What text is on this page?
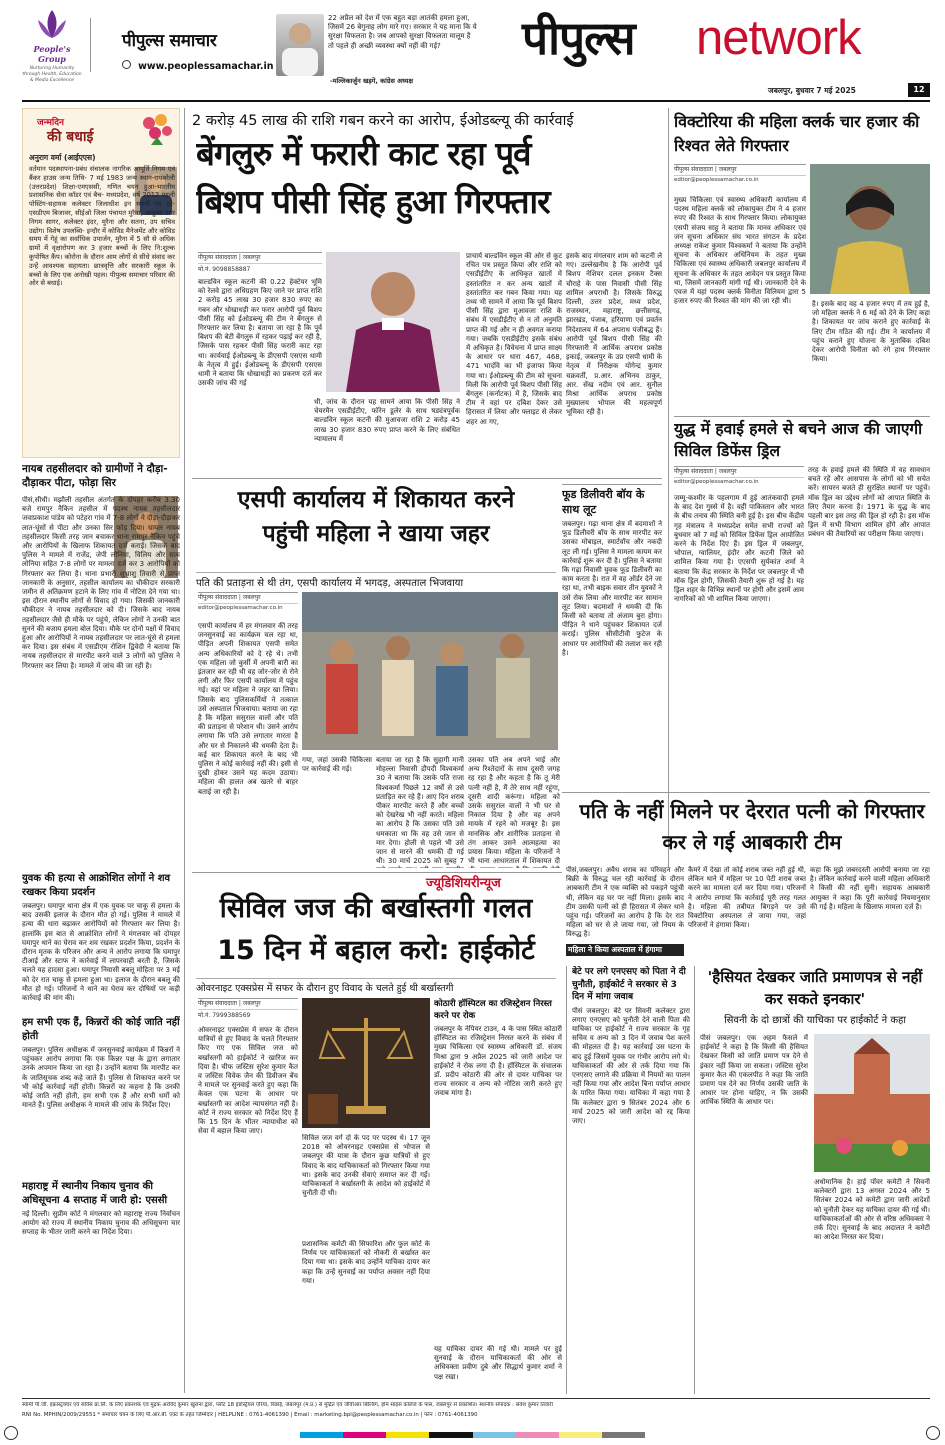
People's Group
Nurturing Humanity through Health, Education & Media Excellence
पीपुल्स समाचार
www.peoplessamachar.in
22 अप्रैल को देश में एक बहुत बड़ा आतंकी हमला हुआ, जिसमें 26 बेगुनाह लोग मारे गए। सरकार ने यह माना कि ये सुरक्षा विफलता है। जब आपको सुरक्षा विफलता मालूम है तो पहले ही अच्छी व्यवस्था क्यों नहीं की गई?
-मल्लिकार्जुन खड़गे, कांग्रेस अध्यक्ष
पीपुल्स network
जबलपुर, बुधवार 7 मई 2025	12
जन्मदिन
की बधाई
अनुराग वर्मा (आईएएस)
वर्तमान पदस्थापना-प्रबंध संचालक नागरिक आपूर्ति निगम एवं बैंकर हाउस जन्म तिथि- 7 मई 1983 जन्म स्थान-रायबरेली (उत्तरप्रदेश) शिक्षा-एमएससी, गणित चयन हुआ-भारतीय प्रशासनिक सेवा कॉडर एवं बैच- मध्यप्रदेश, वर्ष 2012 पहली पोस्टिंग-सहायक कलेक्टर जिलाधीश इन स्थानों पर रहे-एसडीएम बिजावर, सीईओ जिला पंचायत मुरैना, आयुक्त नगर निगम सागर, कलेक्टर इंदर, मुरैना और सतना, उप सचिव उद्योग। विशेष उपलब्धि- इन्दौर में कोविड मैनेजमेंट और कोविड समय में गेहूं का सर्वाधिक उपार्जन, मुरैना में 5 सौ से अधिक ग्रामों में वृक्षारोपण कर 3 हजार बच्चों के लिए नि:शुल्क कुपोषित कैंप। कोरोना के दौरान आम लोगों से सीधे संवाद कर उन्हें आवश्यक सहायता। छात्रवृत्ति और सरकारी स्कूल के बच्चों के लिए एक अनोखी पहल। पीपुल्स समाचार परिवार की ओर से बधाई।
नायब तहसीलदार को ग्रामीणों ने दौड़ा-दौड़ाकर पीटा, फोड़ा सिर
पीसं,सीधी। मझौली तहसील अंतर्गत के दोपहर करीब 3.30 बजे रामपुर नैकिन तहसील में पदस्थ नायब तहसीलदार जवाप्रकाश पांडेय को पटेहरा गांव में 7-8 लोगों ने दौड़ा-दौड़ाकर लात-घूंसों से पीटा और उनका सिर फोड़ दिया। घायल नायब तहसीलदार किसी तरह जान बचाकर थाना रामपुर नैकिन पहुंचे और आरोपियों के खिलाफ शिकायत दर्ज कराई। जिसके बाद पुलिस ने मामले में राजेंद्र, जेपी लोनिया, विलिय और सत्य लोनिया सहित 7-8 लोगों पर मामला दर्ज कर 3 आरोपियों को गिरफ्तार कर लिया है। थाना प्रभारी शुभ्राशु तिवारी से प्राप्त जानकारी के अनुसार, तहसील कार्यालय का चौकीदार सरकारी जमीन से अतिक्रमण हटाने के लिए गांव में नोटिस देने गया था। इस दौरान स्थानीय लोगों से विवाद हो गया। जिसकी जानकारी चौकीदार ने नायब तहसीलदार को दी। जिसके बाद नायब तहसीलदार जैसे ही मौके पर पहुंचे, लेकिन लोगों ने उनकी बात सुनने की बजाय हमला बोल दिया। मौके पर दोनों पक्षों में विवाद हुआ और आरोपियों ने नायब तहसीलदार पर लात-घूंसे से हमला कर दिया। इस संबंध में एसडीएम रोशिन द्विवेदी ने बताया कि नायब तहसीलदार से मारपीट करने वाले 3 लोगों को पुलिस ने गिरफ्तार कर लिया है। मामले में जांच की जा रही है।
युवक की हत्या से आक्रोशित लोगों ने शव रखकर किया प्रदर्शन
जबलपुर। घमापुर थाना क्षेत्र में एक युवक पर चाकू से हमला के बाद उसकी इलाज के दौरान मौत हो गई। पुलिस ने मामले में हत्या की धारा बढ़ाकर आरोपियों को गिरफ्तार कर लिया है। हालांकि इस बात से आक्रोशित लोगों ने मंगलवार को दोपहर घमापुर थाने का घेराव कर शव रखकर प्रदर्शन किया, प्रदर्शन के दौरान मृतक के परिजन और अन्य ने आरोप लगाया कि घमापुर टीआई और स्टाफ ने कार्रवाई में लापरवाही बरती है, जिसके चलते यह हादसा हुआ। घमापुर निवासी बबलू मोहिता पर 3 मई को देर रात चाकू से हमला हुआ था। इलाज के दौरान बबलू की मौत हो गई। परिजनों ने थाने का घेराव कर दोषियों पर कड़ी कार्रवाई की मांग की।
हम सभी एक हैं, किन्नरों की कोई जाति नहीं होती
जबलपुर। पुलिस अधीक्षक में जनसुनवाई कार्यक्रम में किन्नरों ने पहुंचकर आरोप लगाया कि एक किन्नर पक्ष के द्वारा लगातार उनके अपमान किया जा रहा है। उन्होंने बताया कि मारपीट कर के जातिसूचक शब्द कहे जाते हैं। पुलिस से शिकायत करने पर भी कोई कार्रवाई नहीं होती। किन्नरों का कहना है कि उनकी कोई जाति नहीं होती, हम सभी एक हैं और सभी धर्मों को मानते हैं। पुलिस अधीक्षक ने मामले की जांच के निर्देश दिए।
महाराष्ट्र में स्थानीय निकाय चुनाव की अधिसूचना 4 सप्ताह में जारी हो: एससी
नई दिल्ली। सुप्रीम कोर्ट ने मंगलवार को महाराष्ट्र राज्य निर्वाचन आयोग को राज्य में स्थानीय निकाय चुनाव की अधिसूचना चार सप्ताह के भीतर जारी करने का निर्देश दिया।
2 करोड़ 45 लाख की राशि गबन करने का आरोप, ईओडब्ल्यू की कार्रवाई
बेंगलुरु में फरारी काट रहा पूर्व
बिशप पीसी सिंह हुआ गिरफ्तार
पीपुल्स संवाददाता | जबलपुर
मो.नं. 9098858887
बाल्डविन स्कूल कटनी की 0.22 हेक्टेयर भूमि को रेलवे द्वारा अधिग्रहण किए जाने पर प्राप्त राशि 2 करोड़ 45 लाख 30 हजार 830 रुपए का गबन और धोखाधड़ी कर फरार आरोपी पूर्व बिशप पीसी सिंह को ईओडब्ल्यू की टीम ने बेंगलुरु से गिरफ्तार कर लिया है। बताया जा रहा है कि पूर्व बिशप की बेटी बेंगलुरु में रहकर पढ़ाई कर रही है, जिसके पास रहकर पीसी सिंह फरारी काट रहा था। कार्यवाई ईओडब्ल्यू के डीएसपी एसएस धामी के नेतृत्व में हुई। ईओडब्ल्यू के डीएसपी एसएस धामी ने बताया कि धोखाधड़ी का प्रकरण दर्ज कर उसकी जांच की गई
थी, जांच के दौरान यह सामने आया कि पीसी सिंह ने चेयरमैन एसडीईटीए, फॉरेन डूलेर के साथ षड्यंत्रपूर्वक बाल्डविन स्कूल कटनी की मुआवजा राशि 2 करोड़ 45 लाख 30 हजार 830 रुपए प्राप्त करने के लिए संबंधित न्यायालय में
प्राचार्य बाल्डविन स्कूल की ओर से कूट रचित पत्र प्रस्तुत किया और राशि को एसडीईटीए के आधिकृत खातों में हस्तांतरित न कर अन्य खातों में हस्तांतरित कर गबन किया गया। यह तथ्य भी सामने में आया कि पूर्व बिशप पीसी सिंह द्वारा मुआवजा राशि के संबंध में एसडीईटीए से न तो अनुमति प्राप्त की गई और न ही अवगत कराया गया। जबकि एसडीईटीए इसके संबंध में अधिकृत है। विवेचना में प्राप्त साक्ष्य के आधार पर धारा 467, 468, 471 भादंवि का भी इजाफा किया गया था। ईओडब्ल्यू की टीम को सूचना मिली कि आरोपी पूर्व बिशप पीसी सिंह बेंगलुरु (कर्नाटक) में है, जिसके बाद टीम ने वहां पर दबिश देकर उसे हिरासत में लिया और फ्लाइट से लेकर शहर आ गए,
इसके बाद मंगलवार शाम को कटनी ले गए। उल्लेखनीय है कि आरोपी पूर्व बिशप नेशियर दलल इनकम टैक्स चौराहे के पास निवासी पीसी सिंह शामिल अपराधी है। जिसके विरुद्ध दिल्ली, उत्तर प्रदेश, मध्य प्रदेश, राजस्थान, महाराष्ट्र, छत्तीसगढ़, झारखंड, पंजाब, हरियाणा एवं प्रवर्तन निदेशालय में 64 अपराध पंजीबद्ध हैं। आरोपी पूर्व बिशप पीसी सिंह की गिरफ्तारी में आर्थिक अपराध प्रकोष्ठ इकाई, जबलपुर के उप्र एसपी धामी के नेतृत्व में निरीक्षक योगेन्द्र कुमार चक्रवर्ती, प्र.आर. अभिनव ठाकुर, आर. सेंख नदीम एवं आर. सुनील मिश्रा आर्थिक अपराध प्रकोष्ठ मुख्यालय भोपाल की महत्वपूर्ण भूमिका रही है।
एसपी कार्यालय में शिकायत करने
पहुंची महिला ने खाया जहर
पति की प्रताड़ना से थी तंग, एसपी कार्यालय में भगदड़, अस्पताल भिजवाया
पीपुल्स संवाददाता | जबलपुर
editor@peoplessamachar.co.in
एसपी कार्यालय में हर मंगलवार की तरह जनसुनवाई का कार्यक्रम चल रहा था, पीड़ित अपनी शिकायत एसपी समेत अन्य अधिकारियों को दे रहे थे। तभी एक महिला जो कुर्सी में अपनी बारी का इंतजार कर रही थी वह जोर-जोर से रोने लगी और फिर एसपी कार्यालय में पहुंच गई। यहां पर महिला ने जहर खा लिया। जिसके बाद पुलिसकर्मियों ने तत्काल उसे अस्पताल भिजवाया। बताया जा रहा है कि महिला ससुराल वालों और पति की प्रताड़ना से परेशान थी। उसने आरोप लगाया कि पति उसे लगातार मारता है और घर से निकालने की धमकी देता है। कई बार शिकायत करने के बाद भी पुलिस ने कोई कार्रवाई नहीं की। इसी से दुखी होकर उसने यह कदम उठाया। महिला की हालत अब खतरे से बाहर बताई जा रही है।
गया, जहां उसकी चिकित्सा पर कार्रवाई की गई।
बताया जा रहा है कि सुहागी मानी मोहल्ला निवासी द्रौपदी विश्वकर्मा 30 ने बताया कि उसके पति राजा विश्वकर्मा पिछले 12 वर्षों से उसे प्रताड़ित कर रहे हैं। आए दिन शराब पीकर मारपीट करते हैं और बच्चों को देखरेख भी नहीं करते। महिला का आरोप है कि उसका पति उसे धमकाता था कि वह उसे जान से मार देगा। होली से पहले भी उसे जान से मारने की धमकी दी गई थी। 30 मार्च 2025 को सुबह 7
उसका पति अब अपने भाई और अन्य रिश्तेदारों के साथ दूसरी जगह रह रहा है और कहता है कि तू मेरी पत्नी नहीं है, मैं तेरे साथ नहीं रहूंगा, दूसरी शादी करूंगा। महिला को उसके ससुराल वालों ने भी घर से निकाल दिया है और वह अपने मायके में रहने को मजबूर है। इस मानसिक और शारीरिक प्रताड़ना से तंग आकर उसने आत्महत्या का प्रयास किया। महिला के परिजनों ने भी थाना आधारताल में शिकायत दी
फूड डिलीवरी बॉय के साथ लूट
जबलपुर। गढ़ा थाना क्षेत्र में बदमाशों ने फूड डिलीवरी बॉय के साथ मारपीट कर उसका मोबाइल, स्मार्टवॉच और नकदी लूट ली गई। पुलिस ने मामला कायम कर कार्रवाई शुरू कर दी है। पुलिस ने बताया कि गढ़ा निवासी युवक फूड डिलीवरी का काम करता है। रात में वह ऑर्डर देने जा रहा था, तभी बाइक सवार तीन युवकों ने उसे रोक लिया और मारपीट कर सामान लूट लिया। बदमाशों ने धमकी दी कि किसी को बताया तो अंजाम बुरा होगा। पीड़ित ने थाने पहुंचकर शिकायत दर्ज कराई। पुलिस सीसीटीवी फुटेज के आधार पर आरोपियों की तलाश कर रही है।
विक्टोरिया की महिला क्लर्क चार हजार की रिश्वत लेते गिरफ्तार
पीपुल्स संवाददाता | जबलपुर
editor@peoplessamachar.co.in
मुख्य चिकित्सा एवं स्वास्थ्य अधिकारी कार्यालय में पदस्थ महिला क्लर्क को लोकायुक्त टीम ने 4 हजार रुपए की रिश्वत के साथ गिरफ्तार किया। लोकायुक्त एसपी संजय साहू ने बताया कि मानव अधिकार एवं जन सूचना अधिकार संघ भारत संगठन के प्रदेश अध्यक्ष राकेश कुमार विश्वकर्मा ने बताया कि उन्होंने सूचना के अधिकार अधिनियम के तहत मुख्य चिकित्सा एवं स्वास्थ्य अधिकारी जबलपुर कार्यालय में सूचना के अधिकार के तहत आवेदन पत्र प्रस्तुत किया था, जिसमें जानकारी मांगी गई थी। जानकारी देने के एवज में यहां पदस्थ क्लर्क विनीता विलियम द्वारा 5 हजार रुपए की रिश्वत की मांग की जा रही थी।	है। इसके बाद वह 4 हजार रुपए में तय हुई है, जो महिला क्लर्क ने 6 मई को देने के लिए कहा है। शिकायत पर जांच कराने हुए कार्रवाई के लिए टीम गठित की गई। टीम ने कार्यालय में पहुंच कराने हुए योजना के मुताबिक दबिश देकर आरोपी विनीता को रंगे हाथ गिरफ्तार किया।
युद्ध में हवाई हमले से बचने आज की जाएगी सिविल डिफेंस ड्रिल
पीपुल्स संवाददाता | जबलपुर
editor@peoplessamachar.co.in
जम्मू-कश्मीर के पहलगाम में हुई आतंकवादी हमले के बाद देश गुस्से में है। वहीं पाकिस्तान और भारत के बीच तनाव की स्थिति बनी हुई है। इस बीच केंद्रीय गृह मंत्रालय ने मध्यप्रदेश समेत सभी राज्यों को बुधवार को 7 मई को सिविल डिफेंस ड्रिल आयोजित करने के निर्देश दिए हैं। इस ड्रिल में जबलपुर, भोपाल, ग्वालियर, इंदौर और कटनी जिले को शामिल किया गया है। एएसपी सुर्यकांत शर्मा ने बताया कि केंद्र सरकार के निर्देश पर जबलपुर में भी मॉक ड्रिल होगी, जिसकी तैयारी शुरू हो गई है। यह ड्रिल शहर के विभिन्न स्थानों पर होगी और इसमें आम नागरिकों को भी शामिल किया जाएगा।
तरह के हवाई हमले की स्थिति में वह सावधान बचते रहें और आसपास के लोगों को भी सचेत करें। सायरन बजते ही सुरक्षित स्थानों पर पहुंचें। मॉक ड्रिल का उद्देश्य लोगों को आपात स्थिति के लिए तैयार करना है। 1971 के युद्ध के बाद पहली बार इस तरह की ड्रिल हो रही है। इस मॉक ड्रिल में सभी विभाग शामिल होंगे और आपात प्रबंधन की तैयारियों का परीक्षण किया जाएगा।
पति के नहीं मिलने पर देररात पत्नी को गिरफ्तार कर ले गई आबकारी टीम
पीसं,जबलपुर। अवैध शराब का परिवहन और बिक्री के विरुद्ध चल रही कार्रवाई के दौरान आबकारी टीम ने एक व्यक्ति को पकड़ने पहुंची थी, लेकिन वह घर पर नहीं मिला। इसके बाद टीम उसकी पत्नी को ही हिरासत में लेकर थाने पहुंच गई। परिजनों का आरोप है कि देर रात महिला को घर से ले जाया गया, जो नियम के विरुद्ध है।
महिला ने किया अस्पताल में हंगामा
कैमरे में देखा तो कोई शराब जब्त नहीं हुई थी, लेकिन थाने में महिला पर 10 पेटी शराब जब्त करने का मामला दर्ज कर दिया गया। परिजनों ने आरोप लगाया कि कार्रवाई पूरी तरह गलत है। महिला की तबीयत बिगड़ने पर उसे विक्टोरिया अस्पताल ले जाया गया, जहां परिजनों ने हंगामा किया।
कहा कि मुझे जबरदस्ती आरोपी बनाया जा रहा है। लेकिन कार्रवाई करने वाली महिला अधिकारी ने किसी की नहीं सुनी। सहायक आबकारी आयुक्त ने कहा कि पूरी कार्रवाई नियमानुसार की गई है। महिला के खिलाफ मामला दर्ज है।
ज्यूडिशियरीन्यूज
सिविल जज की बर्खास्तगी गलत
15 दिन में बहाल करो: हाईकोर्ट
ओवरनाइट एक्सप्रेस में सफर के दौरान हुए विवाद के चलते हुई थी बर्खास्तगी
पीपुल्स संवाददाता | जबलपुर
मो.नं. 7999388569
ओवरनाइट एक्सप्रेस में सफर के दौरान यात्रियों से हुए विवाद के चलते गिरफ्तार किए गए एक सिविल जज को बर्खास्तगी को हाईकोर्ट ने खारिज कर दिया है। चीफ जस्टिस सुरेश कुमार कैत व जस्टिस विवेक जैन की डिवीजन बेंच ने मामले पर सुनवाई करते हुए कहा कि केवल एक घटना के आधार पर बर्खास्तगी का आदेश न्यायसंगत नहीं है। कोर्ट ने राज्य सरकार को निर्देश दिए हैं कि 15 दिन के भीतर न्यायाधीश को सेवा में बहाल किया जाए।
सिविल जज वर्ग दो के पद पर पदस्थ थे। 17 जून 2018 को ओवरनाइट एक्सप्रेस से भोपाल से जबलपुर की यात्रा के दौरान कुछ यात्रियों से हुए विवाद के बाद याचिकाकर्ता को गिरफ्तार किया गया था। इसके बाद उनकी सेवाएं समाप्त कर दी गईं। याचिकाकर्ता ने बर्खास्तगी के आदेश को हाईकोर्ट में चुनौती दी थी।
प्रशासनिक कमेटी की सिफारिश और फुल कोर्ट के निर्णय पर याचिकाकर्ता को नौकरी से बर्खास्त कर दिया गया था। इसके बाद उन्होंने याचिका दायर कर कहा कि उन्हें सुनवाई का पर्याप्त अवसर नहीं दिया गया।
कोठारी हॉस्पिटल का रजिस्ट्रेशन निरस्त करने पर रोक
जबलपुर के नेपियर टाउन, 4 के पास स्थित कोठारी हॉस्पिटल का रजिस्ट्रेशन निरस्त करने के संबंध में मुख्य चिकित्सा एवं स्वास्थ्य अधिकारी डॉ. संजय मिश्रा द्वारा 9 अप्रैल 2025 को जारी आदेश पर हाईकोर्ट ने रोक लगा दी है। हॉस्पिटल के संचालक डॉ. प्रदीप कोठारी की ओर से दायर याचिका पर राज्य सरकार व अन्य को नोटिस जारी करते हुए जवाब मांगा है।
यह याचिका दायर की गई थी। मामले पर हुई सुनवाई के दौरान याचिकाकर्ता की ओर से अधिवक्ता प्रवीण दुबे और सिद्धार्थ कुमार शर्मा ने पक्ष रखा।
बेटे पर लगे एनएसए को पिता ने दी चुनौती, हाईकोर्ट ने सरकार से 3 दिन में मांगा जवाब
पीसं जबलपुर। बेटे पर सिवनी कलेक्टर द्वारा लगाए एनएसए को चुनौती देने वाली पिता की याचिका पर हाईकोर्ट ने राज्य सरकार के गृह सचिव व अन्य को 3 दिन में जवाब पेश करने की मोहलत दी है। यह कार्रवाई उस घटना के बाद हुई जिसमें युवक पर गंभीर आरोप लगे थे। याचिकाकर्ता की ओर से तर्क दिया गया कि एनएसए लगाने की प्रक्रिया में नियमों का पालन नहीं किया गया और आदेश बिना पर्याप्त आधार के पारित किया गया। याचिका में कहा गया है कि कलेक्टर द्वारा 9 सितंबर 2024 और 6 मार्च 2025 को जारी आदेश को रद्द किया जाए।
'हैसियत देखकर जाति प्रमाणपत्र से नहीं कर सकते इनकार'
सिवनी के दो छात्रों की याचिका पर हाईकोर्ट ने कहा
पीसं जबलपुर। एक अहम फैसले में हाईकोर्ट ने कहा है कि किसी की हैसियत देखकर किसी को जाति प्रमाण पत्र देने से इंकार नहीं किया जा सकता। जस्टिस सुरेश कुमार कैत की एकलपीठ ने कहा कि जाति प्रमाण पत्र देने का निर्णय उसकी जाति के आधार पर होना चाहिए, न कि उसकी आर्थिक स्थिति के आधार पर।
अधोमानिक है। हाई पॉवर कमेटी ने सिवनी कलेक्टरों द्वारा 13 अगस्त 2024 और 5 सितंबर 2024 को कमेटी द्वारा जारी आदेशों को चुनौती देकर यह याचिका दायर की गई थी। याचिकाकर्ताओं की ओर से वरिष्ठ अधिवक्ता ने तर्क दिए। सुनवाई के बाद अदालत ने कमेटी का आदेश निरस्त कर दिया।
स्वामी पी.जी. इंफ्रास्ट्रक्चर एवं सर्विस प्रा.लि. के लिए प्रकाशक एवं मुद्रक अरविंद कुमार खुराना द्वारा, प्लॉट 18 इंडस्ट्रियल एरिया, रिछाई, जबलपुर (म.प्र.) से मुद्रित एवं जीवीआर बिल्डिंग, होम साइंस कॉलेज के पास, जबलपुर से प्रकाशित। स्थानीय संपादक : सर्वेश कुमार तिवारी
RNI No. MPHIN/2009/29551 * समाचार चयन के लिए पी.आर.बी. एक्ट के तहत जिम्मेदार | HELPLINE : 0761-4061390 | Email : marketing.bpl@peoplessamachar.co.in | फोन : 0761-4061390
